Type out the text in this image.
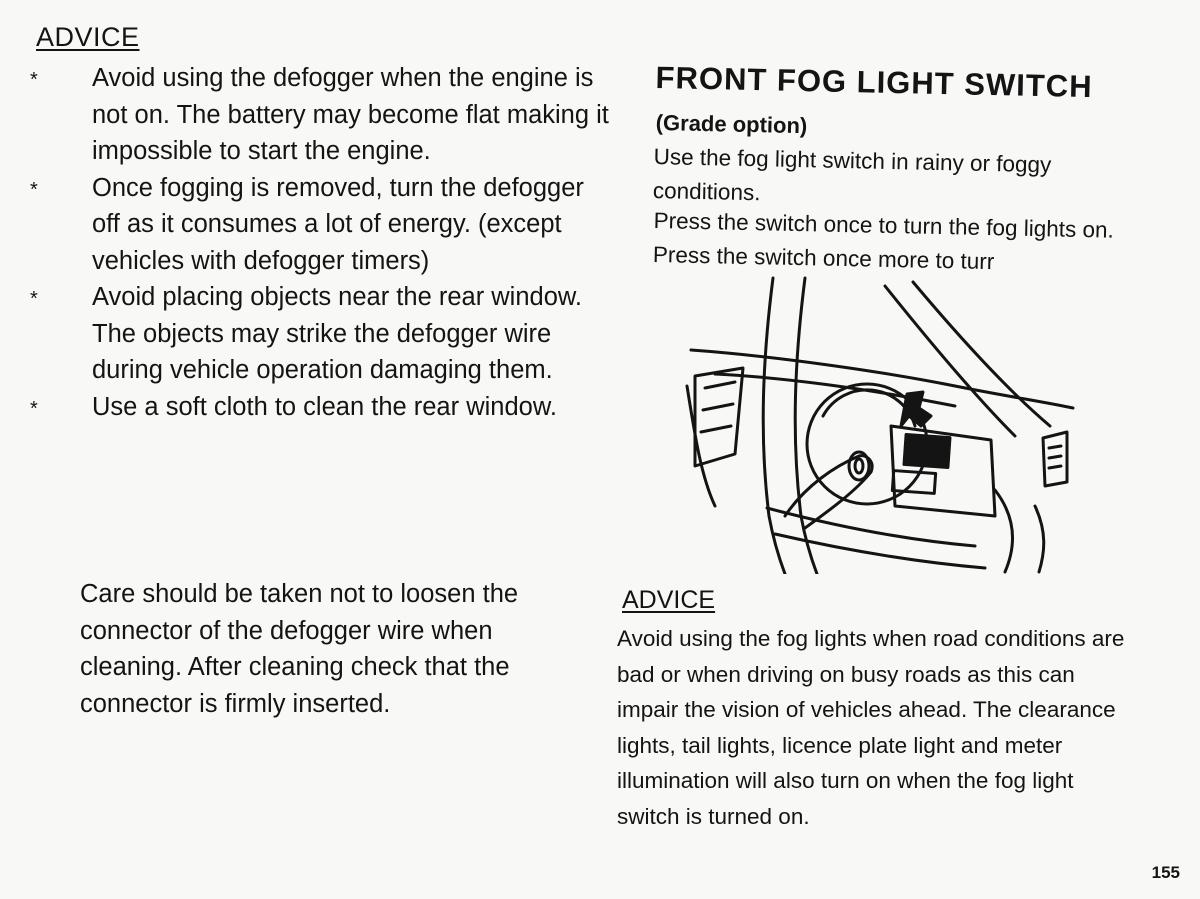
ADVICE
* Avoid using the defogger when the engine is not on. The battery may become flat making it impossible to start the engine.
* Once fogging is removed, turn the defogger off as it consumes a lot of energy. (except vehicles with defogger timers)
* Avoid placing objects near the rear window. The objects may strike the defogger wire during vehicle operation damaging them.
* Use a soft cloth to clean the rear window.
Care should be taken not to loosen the connector of the defogger wire when cleaning. After cleaning check that the connector is firmly inserted.
FRONT FOG LIGHT SWITCH
(Grade option)
Use the fog light switch in rainy or foggy conditions.
Press the switch once to turn the fog lights on. Press the switch once more to turr
ADVICE
Avoid using the fog lights when road conditions are bad or when driving on busy roads as this can impair the vision of vehicles ahead. The clearance lights, tail lights, licence plate light and meter illumination will also turn on when the fog light switch is turned on.
155
